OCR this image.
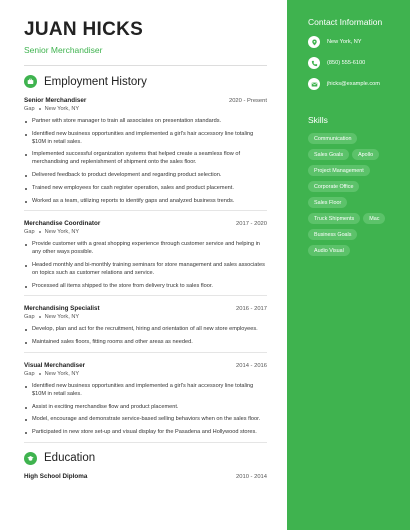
JUAN HICKS
Senior Merchandiser
Employment History
Senior Merchandiser	2020 - Present
Gap New York, NY
Partner with store manager to train all associates on presentation standards.
Identified new business opportunities and implemented a girl's hair accessory line totaling $10M in retail sales.
Implemented successful organization systems that helped create a seamless flow of merchandising and replenishment of shipment onto the sales floor.
Delivered feedback to product development and regarding product selection.
Trained new employees for cash register operation, sales and product placement.
Worked as a team, utilizing reports to identify gaps and analyzed business trends.
Merchandise Coordinator	2017 - 2020
Gap New York, NY
Provide customer with a great shopping experience through customer service and helping in any other ways possible.
Headed monthly and bi-monthly training seminars for store management and sales associates on topics such as customer relations and service.
Processed all items shipped to the store from delivery truck to sales floor.
Merchandising Specialist	2016 - 2017
Gap New York, NY
Develop, plan and act for the recruitment, hiring and orientation of all new store employees.
Maintained sales floors, fitting rooms and other areas as needed.
Visual Merchandiser	2014 - 2016
Gap New York, NY
Identified new business opportunities and implemented a girl's hair accessory line totaling $10M in retail sales.
Assist in exciting merchandise flow and product placement.
Model, encourage and demonstrate service-based selling behaviors when on the sales floor.
Participated in new store set-up and visual display for the Pasadena and Hollywood stores.
Education
High School Diploma	2010 - 2014
Contact Information
New York, NY
(850) 555-6100
jhicks@example.com
Skills
Communication
Sales Goals	Apollo
Project Management
Corporate Office
Sales Floor
Truck Shipments	Mac
Business Goals
Audio Visual
